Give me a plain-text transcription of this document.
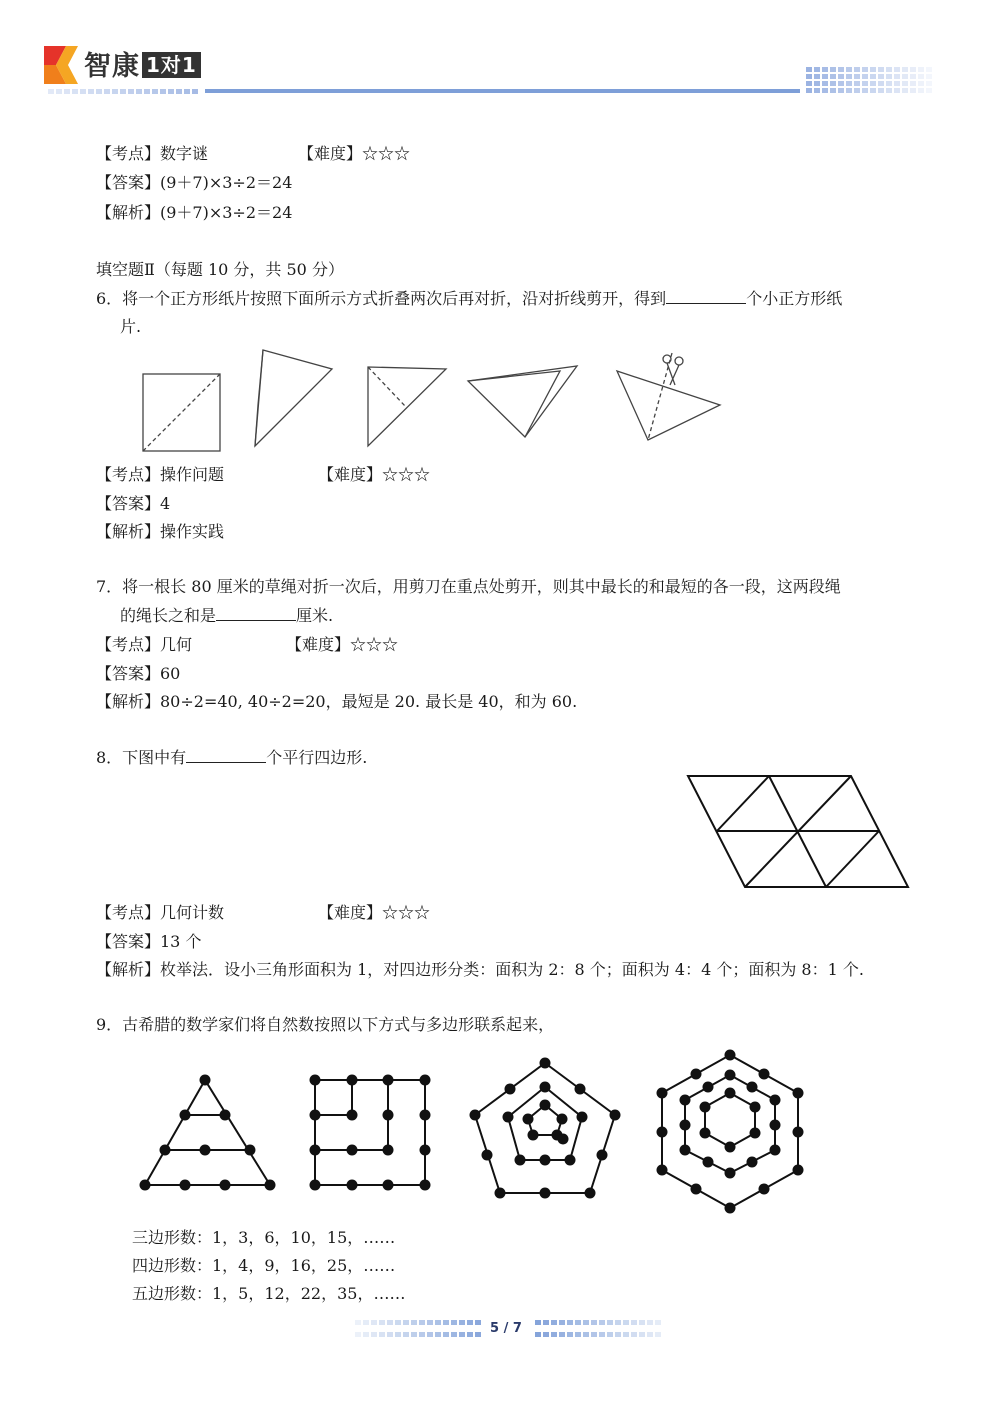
智康 1对1
【考点】数字谜	【难度】☆☆☆
【答案】(9＋7)×3÷2＝24
【解析】(9＋7)×3÷2＝24
填空题Ⅱ（每题 10 分，共 50 分）
6．将一个正方形纸片按照下面所示方式折叠两次后再对折，沿对折线剪开，得到	个小正方形纸
片.
【考点】操作问题	【难度】☆☆☆
【答案】4
【解析】操作实践
7．将一根长 80 厘米的草绳对折一次后，用剪刀在重点处剪开，则其中最长的和最短的各一段，这两段绳
的绳长之和是	厘米.
【考点】几何	【难度】☆☆☆
【答案】60
【解析】80÷2=40, 40÷2=20，最短是 20. 最长是 40，和为 60.
8．下图中有	个平行四边形.
【考点】几何计数	【难度】☆☆☆
【答案】13 个
【解析】枚举法．设小三角形面积为 1，对四边形分类：面积为 2：8 个；面积为 4：4 个；面积为 8：1 个.
9．古希腊的数学家们将自然数按照以下方式与多边形联系起来，
三边形数：1，3，6，10，15，……
四边形数：1，4，9，16，25，……
五边形数：1，5，12，22，35，……
5 / 7
